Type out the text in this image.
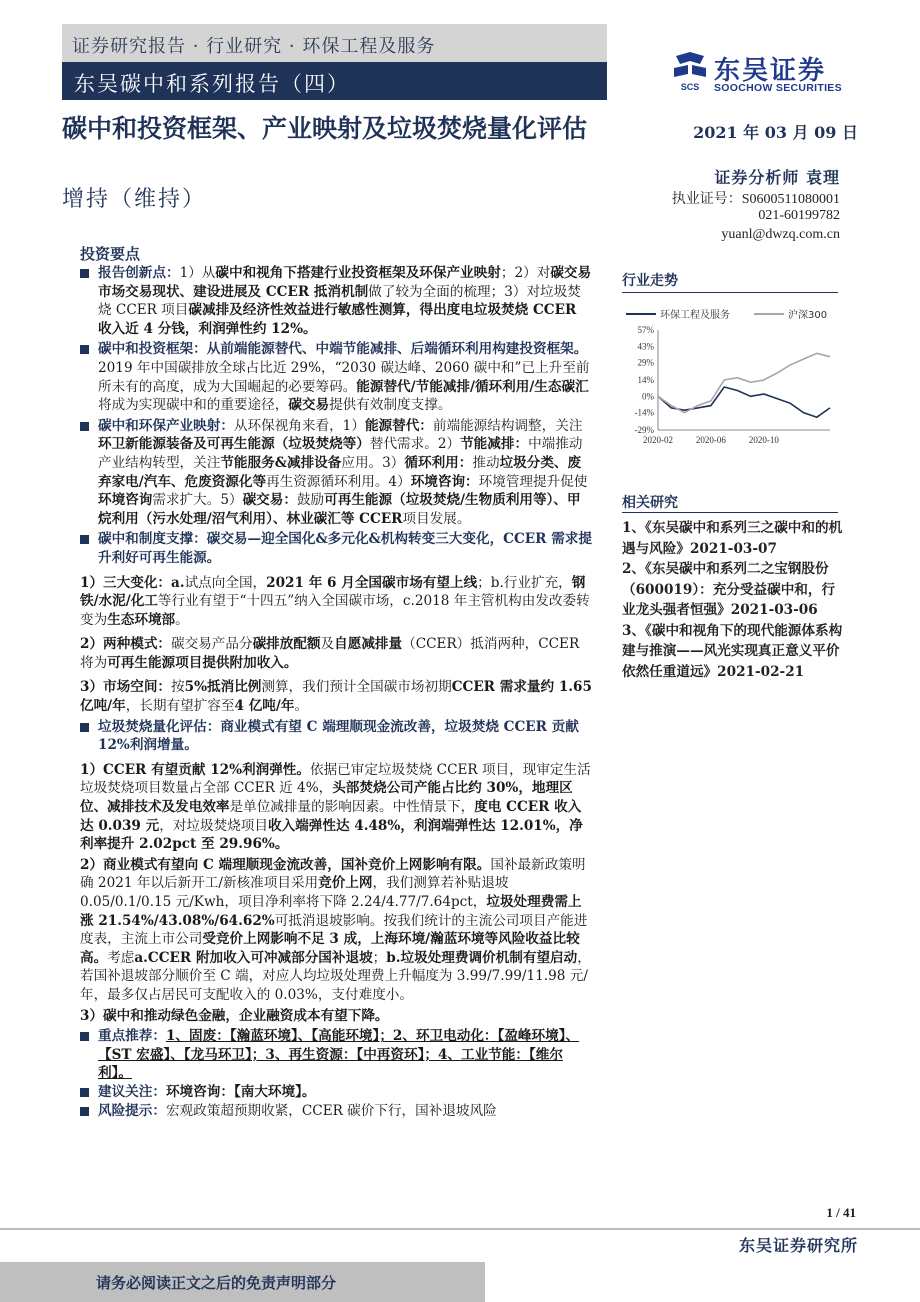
证券研究报告 · 行业研究 · 环保工程及服务
东吴碳中和系列报告（四）	SCS
东吴证券
SOOCHOW SECURITIES
碳中和投资框架、产业映射及垃圾焚烧量化评估
增持（维持）
2021 年 03 月 09 日
证券分析师 袁理
执业证号：S0600511080001
021-60199782
yuanl@dwzq.com.cn
投资要点
报告创新点：1）从碳中和视角下搭建行业投资框架及环保产业映射；2）对碳交易市场交易现状、建设进展及 CCER 抵消机制做了较为全面的梳理；3）对垃圾焚烧 CCER 项目碳减排及经济性效益进行敏感性测算，得出度电垃圾焚烧 CCER 收入近 4 分钱，利润弹性约 12%。
碳中和投资框架：从前端能源替代、中端节能减排、后端循环利用构建投资框架。2019 年中国碳排放全球占比近 29%，“2030 碳达峰、2060 碳中和”已上升至前所未有的高度，成为大国崛起的必要筹码。能源替代/节能减排/循环利用/生态碳汇将成为实现碳中和的重要途径，碳交易提供有效制度支撑。
碳中和环保产业映射：从环保视角来看，1）能源替代：前端能源结构调整，关注环卫新能源装备及可再生能源（垃圾焚烧等）替代需求。2）节能减排：中端推动产业结构转型，关注节能服务&减排设备应用。3）循环利用：推动垃圾分类、废弃家电/汽车、危废资源化等再生资源循环利用。4）环境咨询：环境管理提升促使环境咨询需求扩大。5）碳交易：鼓励可再生能源（垃圾焚烧/生物质利用等）、甲烷利用（污水处理/沼气利用）、林业碳汇等 CCER项目发展。
碳中和制度支撑：碳交易—迎全国化&多元化&机构转变三大变化，CCER 需求提升利好可再生能源。
1）三大变化：a.试点向全国，2021 年 6 月全国碳市场有望上线；b.行业扩充，钢铁/水泥/化工等行业有望于“十四五”纳入全国碳市场，c.2018 年主管机构由发改委转变为生态环境部。
2）两种模式：碳交易产品分碳排放配额及自愿减排量（CCER）抵消两种，CCER 将为可再生能源项目提供附加收入。
3）市场空间：按5%抵消比例测算，我们预计全国碳市场初期CCER 需求量约 1.65 亿吨/年，长期有望扩容至4 亿吨/年。
垃圾焚烧量化评估：商业模式有望 C 端理顺现金流改善，垃圾焚烧 CCER 贡献 12%利润增量。
1）CCER 有望贡献 12%利润弹性。依据已审定垃圾焚烧 CCER 项目，现审定生活垃圾焚烧项目数量占全部 CCER 近 4%，头部焚烧公司产能占比约 30%，地理区位、减排技术及发电效率是单位减排量的影响因素。中性情景下，度电 CCER 收入达 0.039 元，对垃圾焚烧项目收入端弹性达 4.48%，利润端弹性达 12.01%，净利率提升 2.02pct 至 29.96%。
2）商业模式有望向 C 端理顺现金流改善，国补竞价上网影响有限。国补最新政策明确 2021 年以后新开工/新核准项目采用竞价上网，我们测算若补贴退坡 0.05/0.1/0.15 元/Kwh，项目净利率将下降 2.24/4.77/7.64pct，垃圾处理费需上涨 21.54%/43.08%/64.62%可抵消退坡影响。按我们统计的主流公司项目产能进度表，主流上市公司受竞价上网影响不足 3 成，上海环境/瀚蓝环境等风险收益比较高。考虑a.CCER 附加收入可冲减部分国补退坡；b.垃圾处理费调价机制有望启动，若国补退坡部分顺价至 C 端，对应人均垃圾处理费上升幅度为 3.99/7.99/11.98 元/年，最多仅占居民可支配收入的 0.03%，支付难度小。
3）碳中和推动绿色金融，企业融资成本有望下降。
重点推荐：1、固废：【瀚蓝环境】、【高能环境】；2、环卫电动化：【盈峰环境】、【ST 宏盛】、【龙马环卫】；3、再生资源：【中再资环】；4、工业节能：【维尔利】。
建议关注：环境咨询：【南大环境】。
风险提示：宏观政策超预期收紧，CCER 碳价下行，国补退坡风险
行业走势
环保工程及服务	沪深300
57%
43%
29%
14%
0%
-14%
-29%
2020-02	2020-06	2020-10
相关研究
1、《东吴碳中和系列三之碳中和的机遇与风险》2021-03-07
2、《东吴碳中和系列二之宝钢股份（600019）：充分受益碳中和，行业龙头强者恒强》2021-03-06
3、《碳中和视角下的现代能源体系构建与推演——风光实现真正意义平价依然任重道远》2021-02-21
1 / 41
东吴证券研究所
请务必阅读正文之后的免责声明部分
